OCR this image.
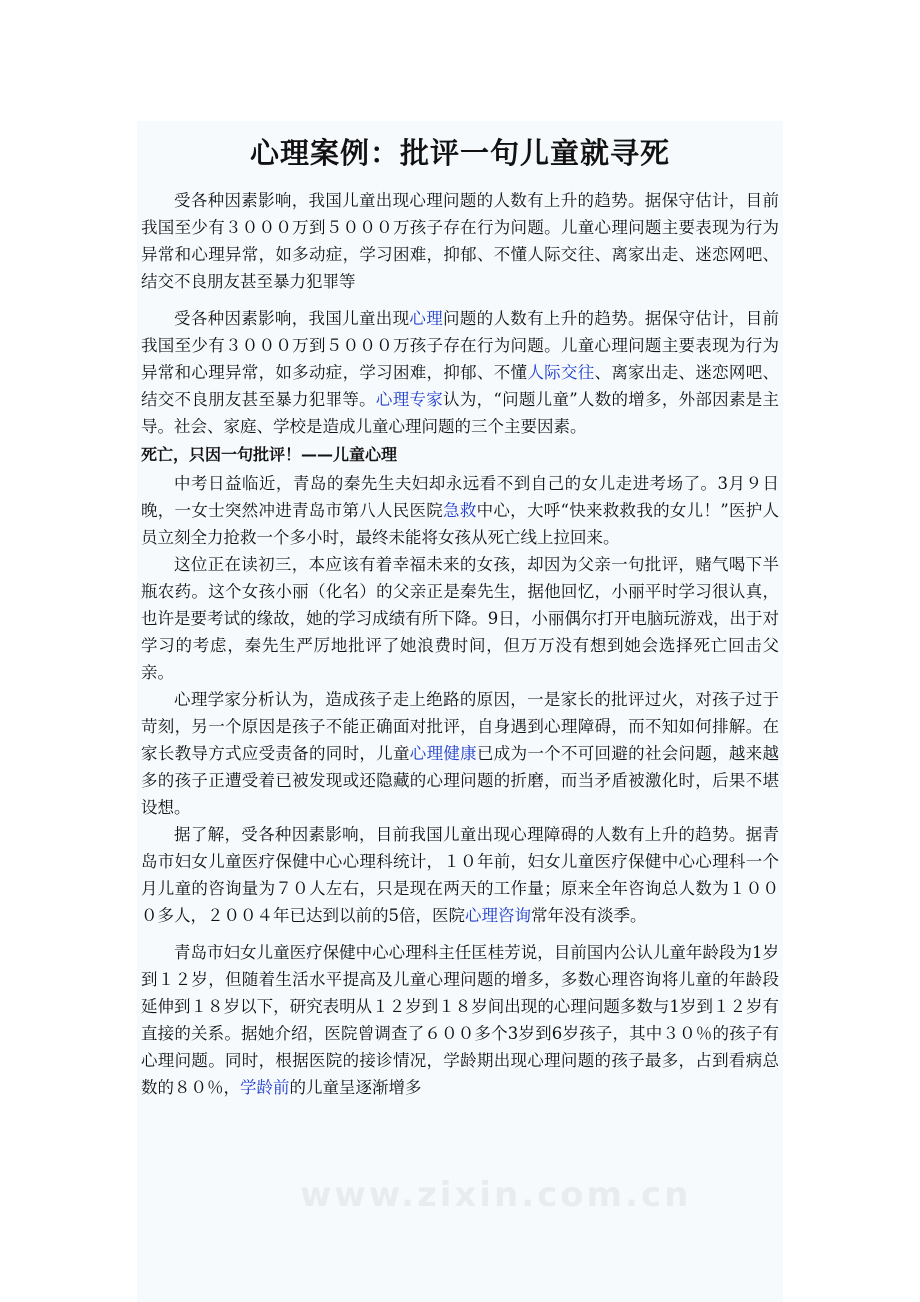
心理案例：批评一句儿童就寻死

受各种因素影响，我国儿童出现心理问题的人数有上升的趋势。据保守估计，目前我国至少有３０００万到５０００万孩子存在行为问题。儿童心理问题主要表现为行为异常和心理异常，如多动症，学习困难，抑郁、不懂人际交往、离家出走、迷恋网吧、结交不良朋友甚至暴力犯罪等

受各种因素影响，我国儿童出现心理问题的人数有上升的趋势。据保守估计，目前我国至少有３０００万到５０００万孩子存在行为问题。儿童心理问题主要表现为行为异常和心理异常，如多动症，学习困难，抑郁、不懂人际交往、离家出走、迷恋网吧、结交不良朋友甚至暴力犯罪等。心理专家认为，“问题儿童”人数的增多，外部因素是主导。社会、家庭、学校是造成儿童心理问题的三个主要因素。

死亡，只因一句批评！——儿童心理

中考日益临近，青岛的秦先生夫妇却永远看不到自己的女儿走进考场了。3月９日晚，一女士突然冲进青岛市第八人民医院急救中心，大呼“快来救救我的女儿！”医护人员立刻全力抢救一个多小时，最终未能将女孩从死亡线上拉回来。

这位正在读初三，本应该有着幸福未来的女孩，却因为父亲一句批评，赌气喝下半瓶农药。这个女孩小丽（化名）的父亲正是秦先生，据他回忆，小丽平时学习很认真，也许是要考试的缘故，她的学习成绩有所下降。9日，小丽偶尔打开电脑玩游戏，出于对学习的考虑，秦先生严厉地批评了她浪费时间，但万万没有想到她会选择死亡回击父亲。

心理学家分析认为，造成孩子走上绝路的原因，一是家长的批评过火，对孩子过于苛刻，另一个原因是孩子不能正确面对批评，自身遇到心理障碍，而不知如何排解。在家长教导方式应受责备的同时，儿童心理健康已成为一个不可回避的社会问题，越来越多的孩子正遭受着已被发现或还隐藏的心理问题的折磨，而当矛盾被激化时，后果不堪设想。

据了解，受各种因素影响，目前我国儿童出现心理障碍的人数有上升的趋势。据青岛市妇女儿童医疗保健中心心理科统计，１０年前，妇女儿童医疗保健中心心理科一个月儿童的咨询量为７０人左右，只是现在两天的工作量；原来全年咨询总人数为１０００多人，２００４年已达到以前的5倍，医院心理咨询常年没有淡季。

青岛市妇女儿童医疗保健中心心理科主任匡桂芳说，目前国内公认儿童年龄段为1岁到１２岁，但随着生活水平提高及儿童心理问题的增多，多数心理咨询将儿童的年龄段延伸到１８岁以下，研究表明从１２岁到１８岁间出现的心理问题多数与1岁到１２岁有直接的关系。据她介绍，医院曾调查了６００多个3岁到6岁孩子，其中３０％的孩子有心理问题。同时，根据医院的接诊情况，学龄期出现心理问题的孩子最多，占到看病总数的８０％，学龄前的儿童呈逐渐增多
